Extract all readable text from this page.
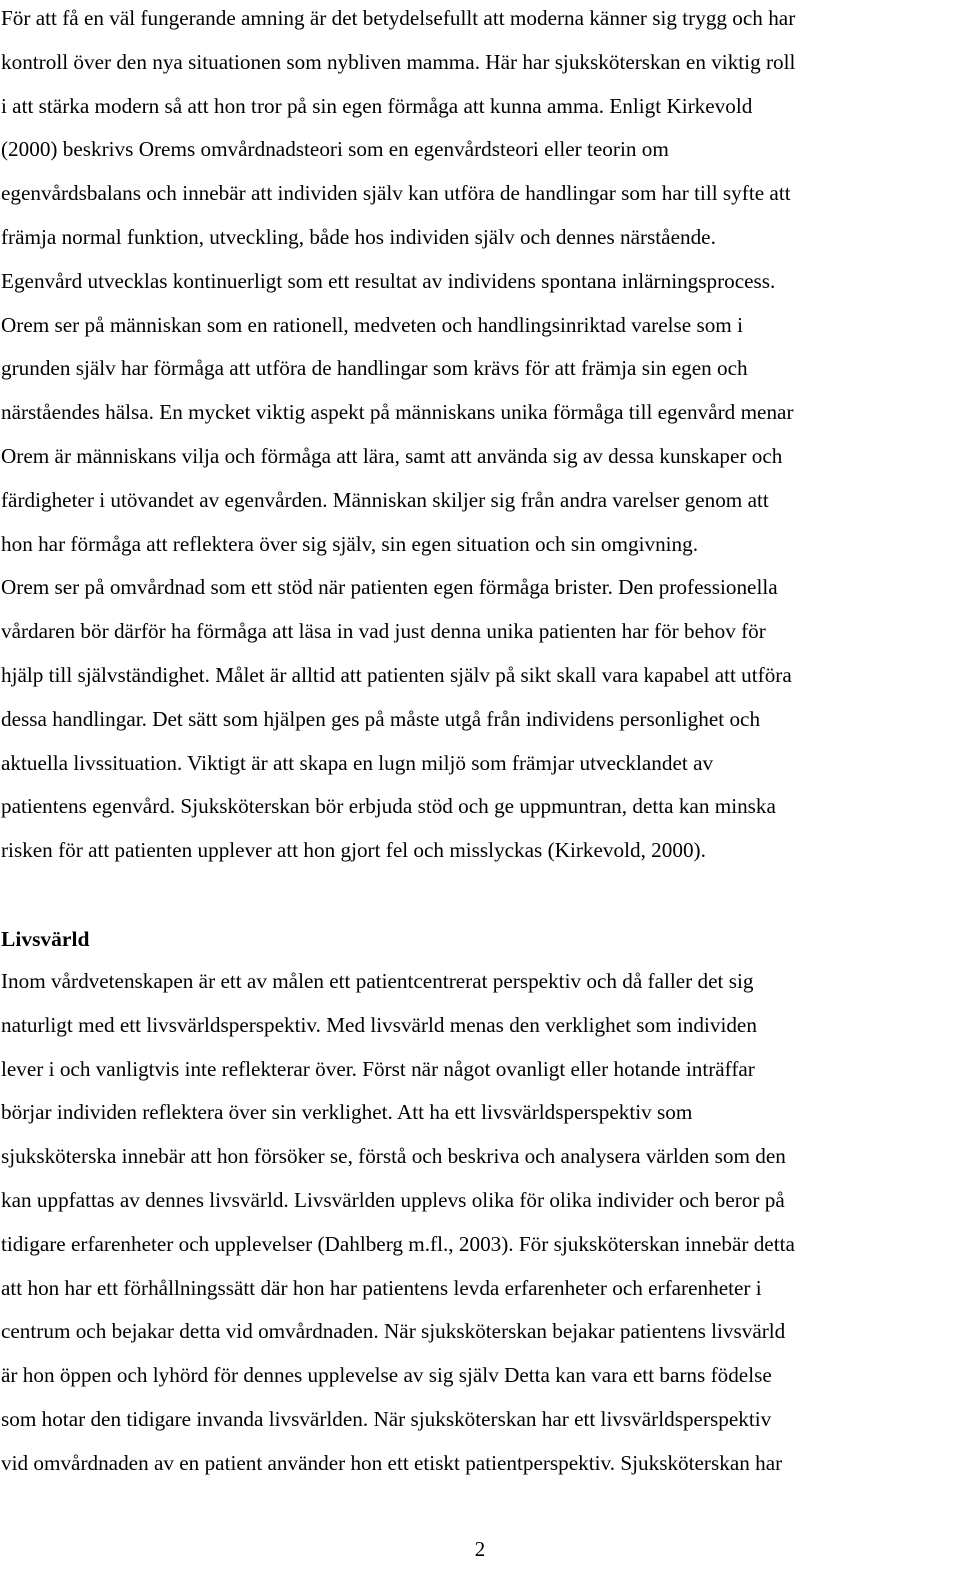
För att få en väl fungerande amning är det betydelsefullt att moderna känner sig trygg och har
kontroll över den nya situationen som nybliven mamma. Här har sjuksköterskan en viktig roll
i att stärka modern så att hon tror på sin egen förmåga att kunna amma. Enligt Kirkevold
(2000) beskrivs Orems omvårdnadsteori som en egenvårdsteori eller teorin om
egenvårdsbalans och innebär att individen själv kan utföra de handlingar som har till syfte att
främja normal funktion, utveckling, både hos individen själv och dennes närstående.
Egenvård utvecklas kontinuerligt som ett resultat av individens spontana inlärningsprocess.
Orem ser på människan som en rationell, medveten och handlingsinriktad varelse som i
grunden själv har förmåga att utföra de handlingar som krävs för att främja sin egen och
närståendes hälsa. En mycket viktig aspekt på människans unika förmåga till egenvård menar
Orem är människans vilja och förmåga att lära, samt att använda sig av dessa kunskaper och
färdigheter i utövandet av egenvården. Människan skiljer sig från andra varelser genom att
hon har förmåga att reflektera över sig själv, sin egen situation och sin omgivning.
Orem ser på omvårdnad som ett stöd när patienten egen förmåga brister. Den professionella
vårdaren bör därför ha förmåga att läsa in vad just denna unika patienten har för behov för
hjälp till självständighet. Målet är alltid att patienten själv på sikt skall vara kapabel att utföra
dessa handlingar. Det sätt som hjälpen ges på måste utgå från individens personlighet och
aktuella livssituation. Viktigt är att skapa en lugn miljö som främjar utvecklandet av
patientens egenvård. Sjuksköterskan bör erbjuda stöd och ge uppmuntran, detta kan minska
risken för att patienten upplever att hon gjort fel och misslyckas (Kirkevold, 2000).

Livsvärld

Inom vårdvetenskapen är ett av målen ett patientcentrerat perspektiv och då faller det sig
naturligt med ett livsvärldsperspektiv. Med livsvärld menas den verklighet som individen
lever i och vanligtvis inte reflekterar över. Först när något ovanligt eller hotande inträffar
börjar individen reflektera över sin verklighet. Att ha ett livsvärldsperspektiv som
sjuksköterska innebär att hon försöker se, förstå och beskriva och analysera världen som den
kan uppfattas av dennes livsvärld. Livsvärlden upplevs olika för olika individer och beror på
tidigare erfarenheter och upplevelser (Dahlberg m.fl., 2003). För sjuksköterskan innebär detta
att hon har ett förhållningssätt där hon har patientens levda erfarenheter och erfarenheter i
centrum och bejakar detta vid omvårdnaden. När sjuksköterskan bejakar patientens livsvärld
är hon öppen och lyhörd för dennes upplevelse av sig själv Detta kan vara ett barns födelse
som hotar den tidigare invanda livsvärlden. När sjuksköterskan har ett livsvärldsperspektiv
vid omvårdnaden av en patient använder hon ett etiskt patientperspektiv. Sjuksköterskan har

2
